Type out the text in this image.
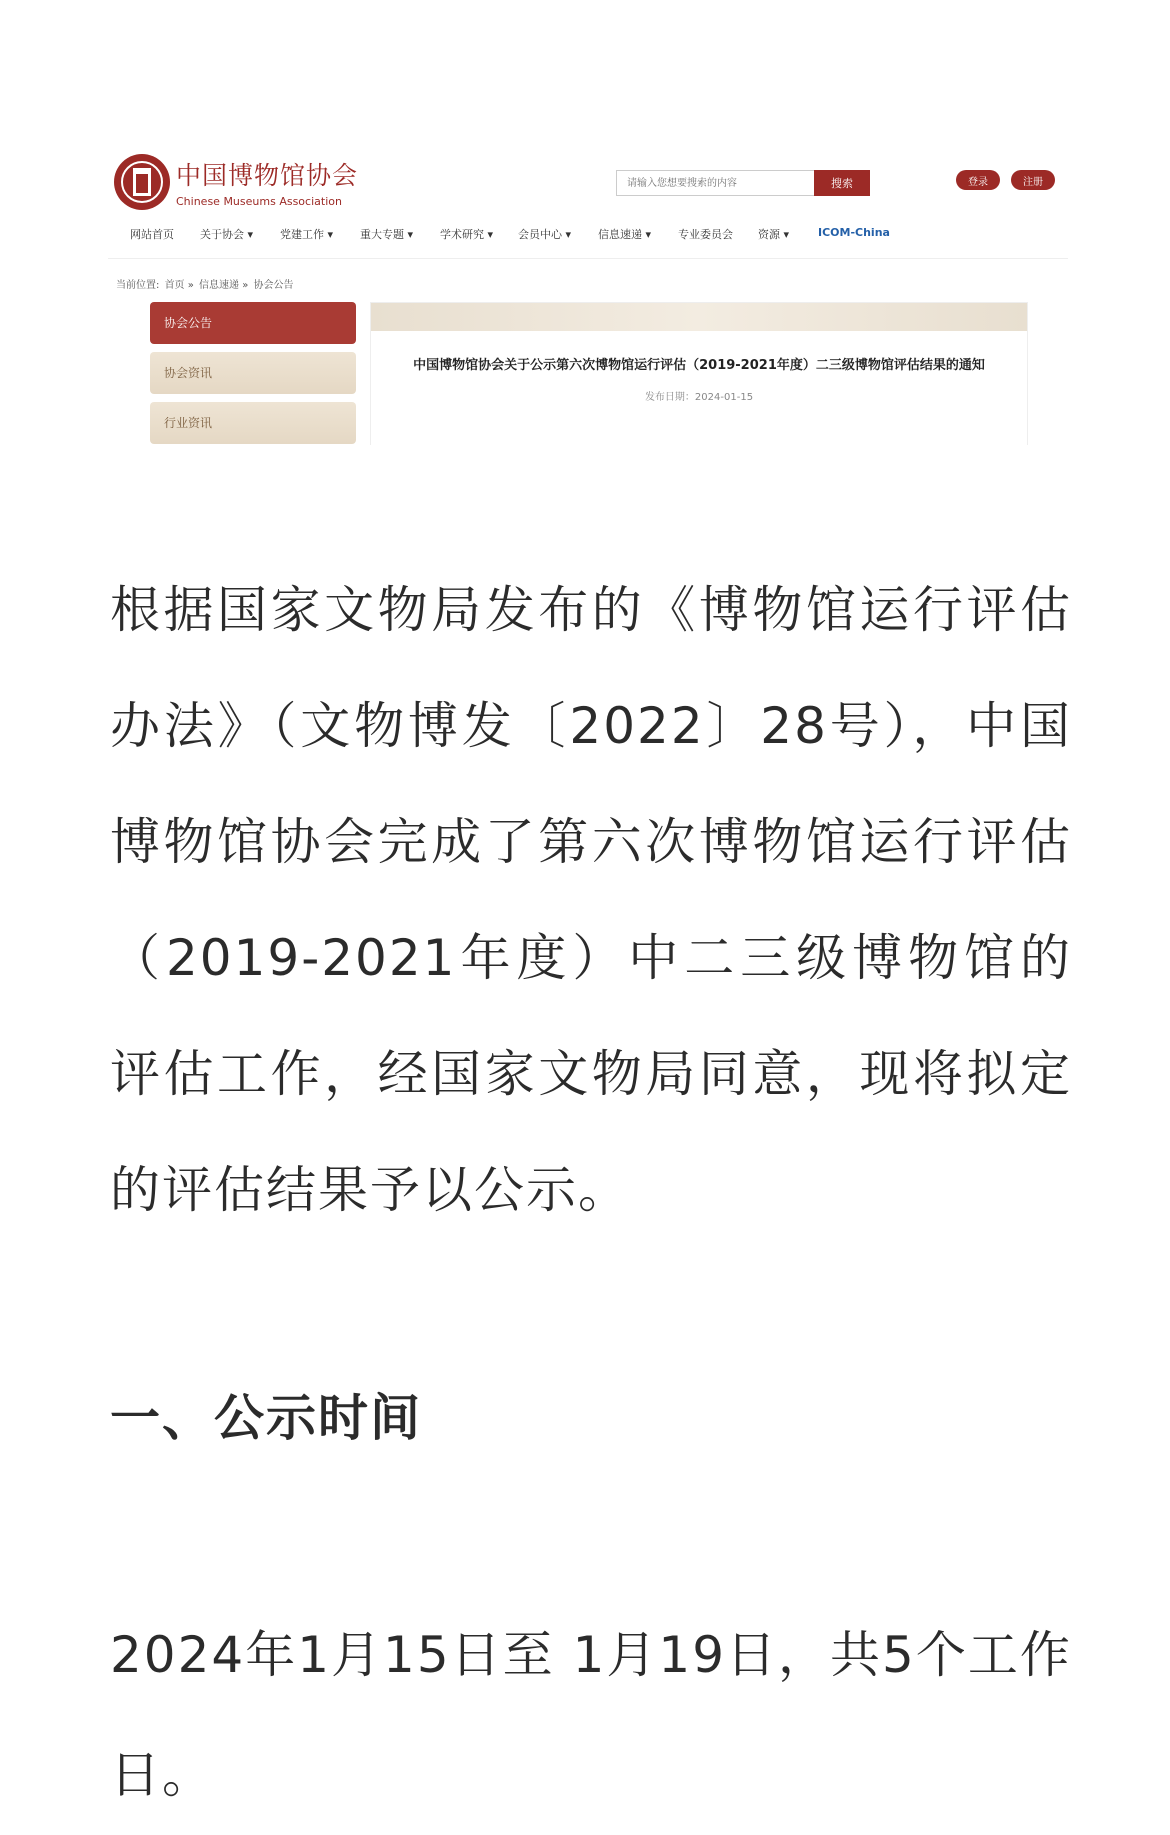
中国博物馆协会
Chinese Museums Association
请输入您想要搜索的内容
搜索	登录	注册
网站首页 关于协会 ▾ 党建工作 ▾ 重大专题 ▾ 学术研究 ▾ 会员中心 ▾ 信息速递 ▾ 专业委员会 资源 ▾	ICOM-China
当前位置: 首页 » 信息速递 » 协会公告
协会公告
协会资讯
行业资讯
中国博物馆协会关于公示第六次博物馆运行评估（2019-2021年度）二三级博物馆评估结果的通知
发布日期：2024-01-15

根据国家文物局发布的《博物馆运行评估办法》（文物博发〔2022〕28号），中国博物馆协会完成了第六次博物馆运行评估（2019-2021年度）中二三级博物馆的评估工作，经国家文物局同意，现将拟定的评估结果予以公示。

一、公示时间

2024年1月15日至 1月19日，共5个工作日。
